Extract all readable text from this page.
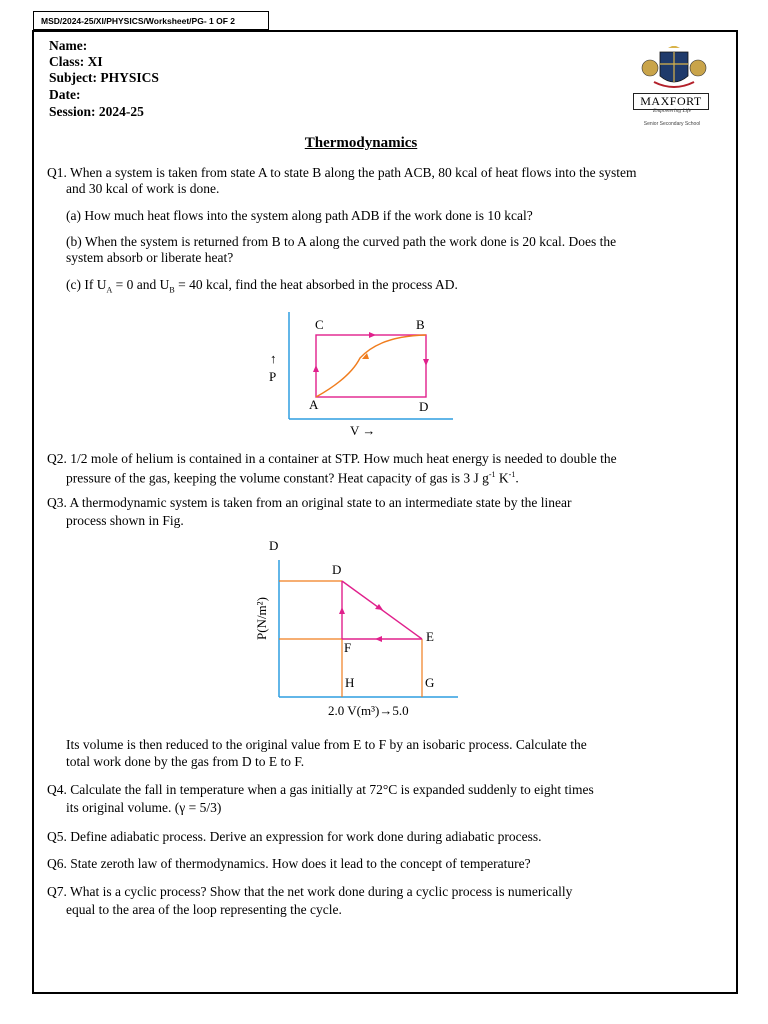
MSD/2024-25/XI/PHYSICS/Worksheet/PG- 1 OF 2
Name:
Class: XI
Subject: PHYSICS
Date:
Session: 2024-25
MAXFORT
Empowering Life
Senior Secondary School
Thermodynamics
Q1. When a system is taken from state A to state B along the path ACB, 80 kcal of heat flows into the system
and 30 kcal of work is done.
(a) How much heat flows into the system along path ADB if the work done is 10 kcal?
(b) When the system is returned from B to A along the curved path the work done is 20 kcal. Does the
system absorb or liberate heat?
(c) If $U_A = 0$ and $U_B = 40$ kcal, find the heat absorbed in the process AD.
C	B
A	D
↑
P
V →
Q2. 1/2 mole of helium is contained in a container at STP. How much heat energy is needed to double the
pressure of the gas, keeping the volume constant? Heat capacity of gas is 3 J $g^{-1}$ $K^{-1}$.
Q3. A thermodynamic system is taken from an original state to an intermediate state by the linear
process shown in Fig.
D
D
E
F
H	G
P(N/m²)
2.0 V(m³)→5.0
Its volume is then reduced to the original value from E to F by an isobaric process. Calculate the
total work done by the gas from D to E to F.
Q4. Calculate the fall in temperature when a gas initially at 72°C is expanded suddenly to eight times
its original volume. (γ = 5/3)
Q5. Define adiabatic process. Derive an expression for work done during adiabatic process.
Q6. State zeroth law of thermodynamics. How does it lead to the concept of temperature?
Q7. What is a cyclic process? Show that the net work done during a cyclic process is numerically
equal to the area of the loop representing the cycle.
